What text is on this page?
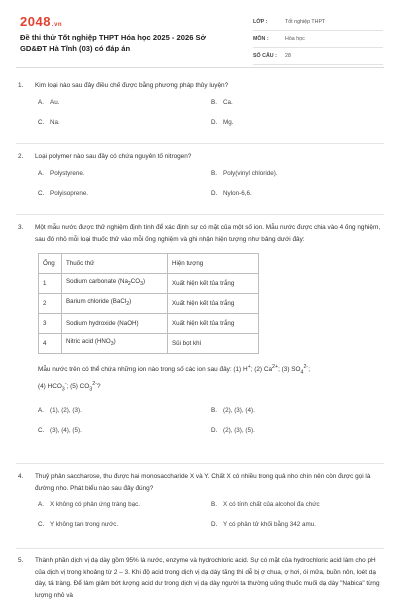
2048.vn
Đề thi thử Tốt nghiệp THPT Hóa học 2025 - 2026 Sở GD&ĐT Hà Tĩnh (03) có đáp án
LỚP :	Tốt nghiệp THPT
MÔN :	Hóa học
SỐ CÂU :	28
1.	Kim loại nào sau đây điều chế được bằng phương pháp thủy luyện?
A. Au.	B. Ca.
C. Na.	D. Mg.
2.	Loại polymer nào sau đây có chứa nguyên tố nitrogen?
A. Polystyrene.	B. Poly(vinyl chloride).
C. Polyisoprene.	D. Nylon-6,6.
3.	Một mẫu nước được thử nghiệm định tính để xác định sự có mặt của một số ion. Mẫu nước được chia vào 4 ống nghiệm, sau đó nhỏ mỗi loại thuốc thử vào mỗi ống nghiệm và ghi nhận hiện tượng như bảng dưới đây:
Ống	Thuốc thử	Hiện tượng
1	Sodium carbonate $(Na_2CO_3)$	Xuất hiện kết tủa trắng
2	Barium chloride (BaCl$_2$)	Xuất hiện kết tủa trắng
3	Sodium hydroxide (NaOH)	Xuất hiện kết tủa trắng
4	Nitric acid $(HNO_3)$	Sủi bọt khí
Mẫu nước trên có thể chứa những ion nào trong số các ion sau đây: (1) H+; (2) $Ca^{2+}$; (3) $SO_4^{2-}$;
(4) $HCO_3^-$; (5) $CO_3^{2-}$?
A. (1), (2), (3).	B. (2), (3), (4).
C. (3), (4), (5).	D. (2), (3), (5).
4.	Thuỷ phân saccharose, thu được hai monosaccharide X và Y. Chất X có nhiều trong quả nho chín nên còn được gọi là đường nho. Phát biểu nào sau đây đúng?
A. X không có phản ứng tráng bạc.	B. X có tính chất của alcohol đa chức
C. Y không tan trong nước.	D. Y có phân tử khối bằng 342 amu.
5.	Thành phần dịch vị dạ dày gồm 95% là nước, enzyme và hydrochloric acid. Sự có mặt của hydrochloric acid làm cho pH của dịch vị trong khoảng từ 2 – 3. Khi độ acid trong dịch vị dạ dày tăng thì dễ bị ợ chua, ợ hơi, ói mửa, buồn nôn, loét dạ dày, tá tràng. Để làm giảm bớt lượng acid dư trong dịch vị dạ dày người ta thường uống thuốc muối dạ dày "Nabica" từng lượng nhỏ và
